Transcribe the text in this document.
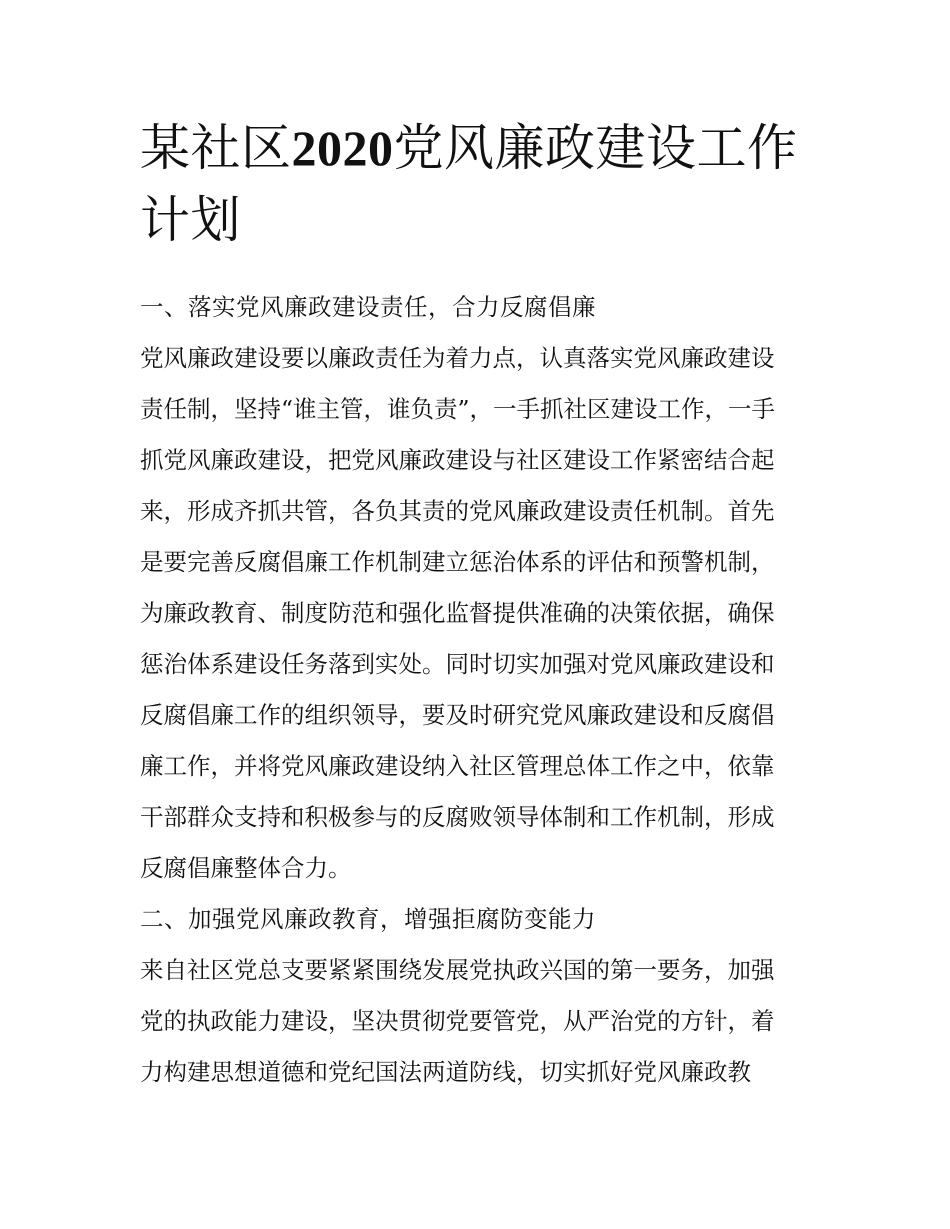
某社区2020党风廉政建设工作
计划
一、落实党风廉政建设责任，合力反腐倡廉
党风廉政建设要以廉政责任为着力点，认真落实党风廉政建设
责任制，坚持“谁主管，谁负责”，一手抓社区建设工作，一手
抓党风廉政建设，把党风廉政建设与社区建设工作紧密结合起
来，形成齐抓共管，各负其责的党风廉政建设责任机制。首先
是要完善反腐倡廉工作机制建立惩治体系的评估和预警机制，
为廉政教育、制度防范和强化监督提供准确的决策依据，确保
惩治体系建设任务落到实处。同时切实加强对党风廉政建设和
反腐倡廉工作的组织领导，要及时研究党风廉政建设和反腐倡
廉工作，并将党风廉政建设纳入社区管理总体工作之中，依靠
干部群众支持和积极参与的反腐败领导体制和工作机制，形成
反腐倡廉整体合力。
二、加强党风廉政教育，增强拒腐防变能力
来自社区党总支要紧紧围绕发展党执政兴国的第一要务，加强
党的执政能力建设，坚决贯彻党要管党，从严治党的方针，着
力构建思想道德和党纪国法两道防线，切实抓好党风廉政教
